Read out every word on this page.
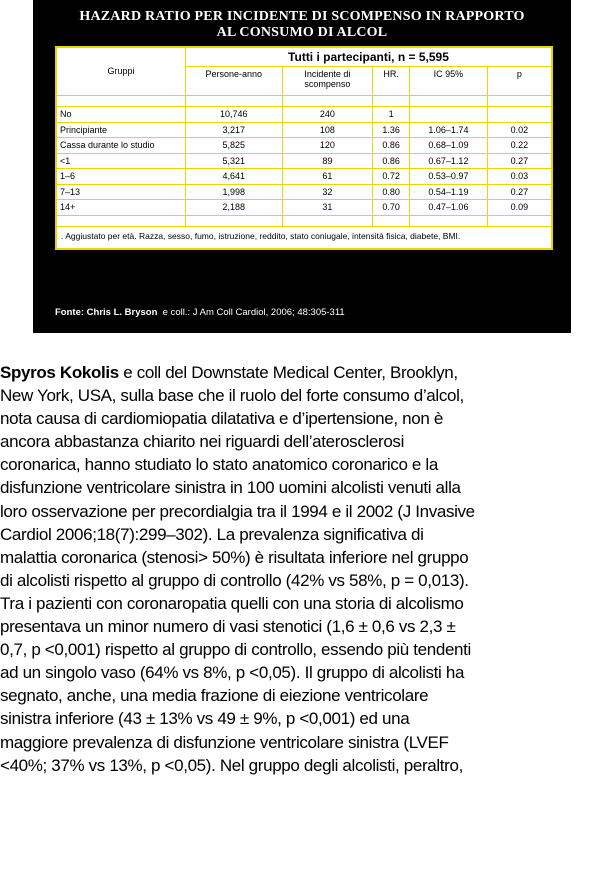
HAZARD RATIO PER INCIDENTE DI SCOMPENSO IN RAPPORTO
AL CONSUMO DI ALCOL
Gruppi	Tutti i partecipanti, n = 5,595				
	Persone-anno	Incidente di scompenso	HR.	IC 95%	p

No	10,746	240	1		
Principiante	3,217	108	1.36	1.06–1.74	0.02
Cassa durante lo studio	5,825	120	0.86	0.68–1.09	0.22
<1	5,321	89	0.86	0.67–1.12	0.27
1–6	4,641	61	0.72	0.53–0.97	0.03
7–13	1,998	32	0.80	0.54–1.19	0.27
14+	2,188	31	0.70	0.47–1.06	0.09

. Aggiustato per età. Razza, sesso, fumo, istruzione, reddito, stato coniugale, intensità fisica, diabete, BMI.					
Fonte: Chris L. Bryson  e coll.: J Am Coll Cardiol, 2006; 48:305-311

Spyros Kokolis e coll del Downstate Medical Center, Brooklyn,

New York, USA, sulla base che il ruolo del forte consumo d’alcol,

nota causa di cardiomiopatia dilatativa e d’ipertensione, non è

ancora abbastanza chiarito nei riguardi dell’aterosclerosi

coronarica, hanno studiato lo stato anatomico coronarico e la

disfunzione ventricolare sinistra in 100 uomini alcolisti venuti alla

loro osservazione per precordialgia tra il 1994 e il 2002 (J Invasive

Cardiol 2006;18(7):299–302). La prevalenza significativa di

malattia coronarica (stenosi> 50%) è risultata inferiore nel gruppo

di alcolisti rispetto al gruppo di controllo (42% vs 58%, p = 0,013).

Tra i pazienti con coronaropatia quelli con una storia di alcolismo

presentava un minor numero di vasi stenotici (1,6 ± 0,6 vs 2,3 ±

0,7, p <0,001) rispetto al gruppo di controllo, essendo più tendenti

ad un singolo vaso (64% vs 8%, p <0,05). Il gruppo di alcolisti ha

segnato, anche, una media frazione di eiezione ventricolare

sinistra inferiore (43 ± 13% vs 49 ± 9%, p <0,001) ed una

maggiore prevalenza di disfunzione ventricolare sinistra (LVEF

<40%; 37% vs 13%, p <0,05). Nel gruppo degli alcolisti, peraltro,
